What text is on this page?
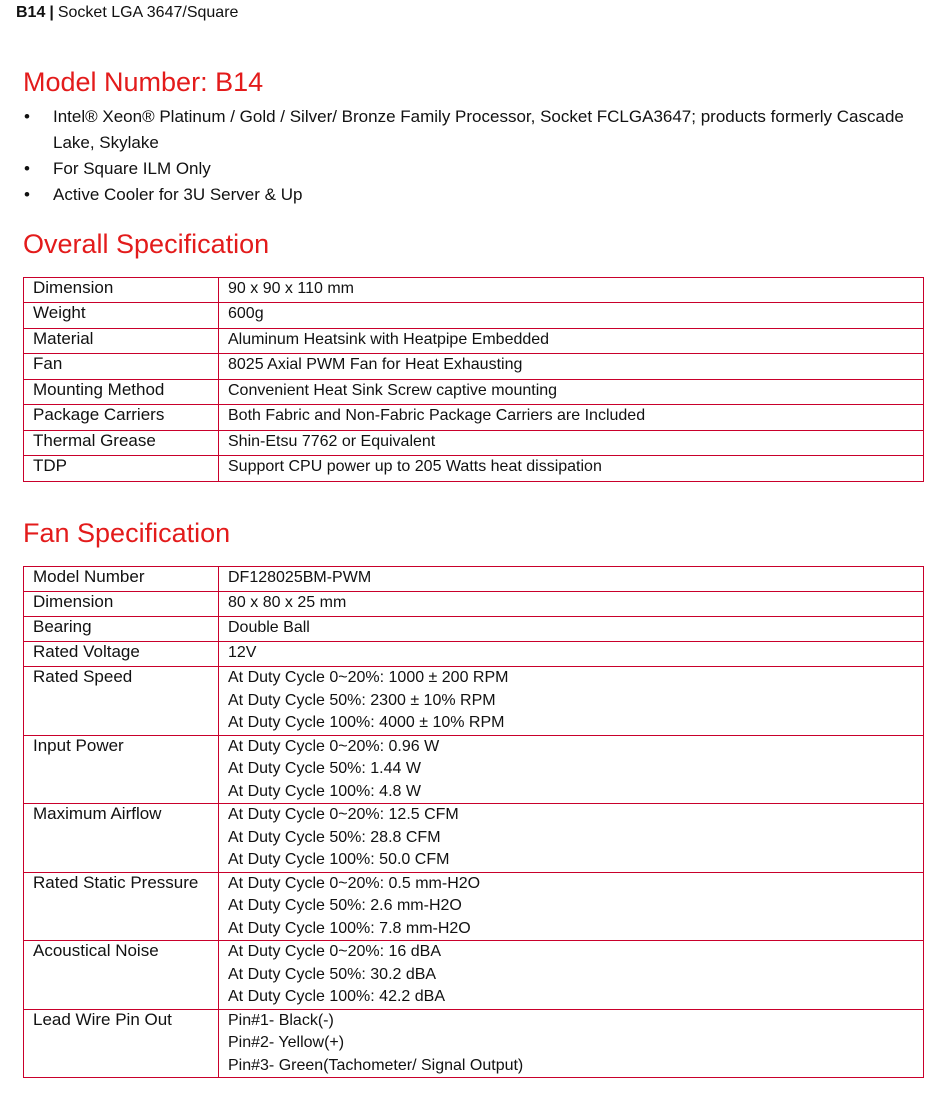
B14 | Socket LGA 3647/Square
Model Number: B14
• Intel® Xeon® Platinum / Gold / Silver/ Bronze Family Processor, Socket FCLGA3647; products formerly Cascade Lake, Skylake
• For Square ILM Only
• Active Cooler for 3U Server & Up
Overall Specification
Dimension	90 x 90 x 110 mm
Weight	600g
Material	Aluminum Heatsink with Heatpipe Embedded
Fan	8025 Axial PWM Fan for Heat Exhausting
Mounting Method	Convenient Heat Sink Screw captive mounting
Package Carriers	Both Fabric and Non-Fabric Package Carriers are Included
Thermal Grease	Shin-Etsu 7762 or Equivalent
TDP	Support CPU power up to 205 Watts heat dissipation
Fan Specification
Model Number	DF128025BM-PWM

Dimension	80 x 80 x 25 mm

Bearing	Double Ball

Rated Voltage	12V

Rated Speed	At Duty Cycle 0~20%: 1000 ± 200 RPM
At Duty Cycle 50%: 2300 ± 10% RPM
At Duty Cycle 100%: 4000 ± 10% RPM

Input Power	At Duty Cycle 0~20%: 0.96 W
At Duty Cycle 50%: 1.44 W
At Duty Cycle 100%: 4.8 W

Maximum Airflow	At Duty Cycle 0~20%: 12.5 CFM
At Duty Cycle 50%: 28.8 CFM
At Duty Cycle 100%: 50.0 CFM

Rated Static Pressure	At Duty Cycle 0~20%: 0.5 mm-H2O
At Duty Cycle 50%: 2.6 mm-H2O
At Duty Cycle 100%: 7.8 mm-H2O

Acoustical Noise	At Duty Cycle 0~20%: 16 dBA
At Duty Cycle 50%: 30.2 dBA
At Duty Cycle 100%: 42.2 dBA

Lead Wire Pin Out	Pin#1- Black(-)
Pin#2- Yellow(+)
Pin#3- Green(Tachometer/ Signal Output)
